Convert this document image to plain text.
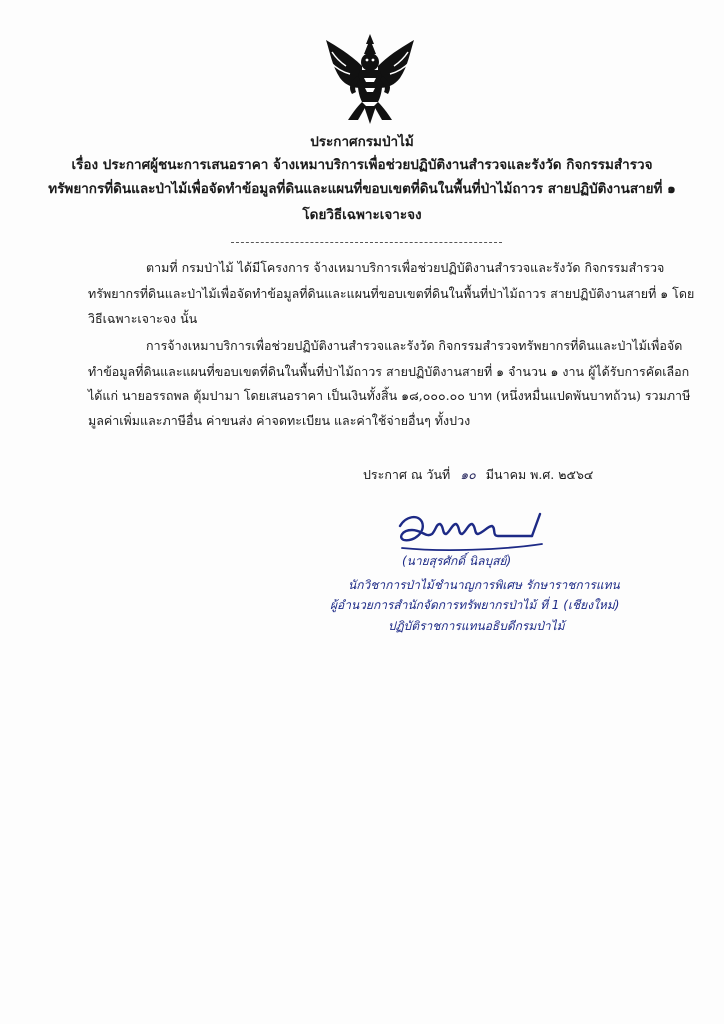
ประกาศกรมป่าไม้
เรื่อง ประกาศผู้ชนะการเสนอราคา จ้างเหมาบริการเพื่อช่วยปฏิบัติงานสำรวจและรังวัด กิจกรรมสำรวจ
ทรัพยากรที่ดินและป่าไม้เพื่อจัดทำข้อมูลที่ดินและแผนที่ขอบเขตที่ดินในพื้นที่ป่าไม้ถาวร สายปฏิบัติงานสายที่ ๑
โดยวิธีเฉพาะเจาะจง
ตามที่ กรมป่าไม้ ได้มีโครงการ จ้างเหมาบริการเพื่อช่วยปฏิบัติงานสำรวจและรังวัด กิจกรรมสำรวจ
ทรัพยากรที่ดินและป่าไม้เพื่อจัดทำข้อมูลที่ดินและแผนที่ขอบเขตที่ดินในพื้นที่ป่าไม้ถาวร สายปฏิบัติงานสายที่ ๑ โดย
วิธีเฉพาะเจาะจง นั้น
การจ้างเหมาบริการเพื่อช่วยปฏิบัติงานสำรวจและรังวัด กิจกรรมสำรวจทรัพยากรที่ดินและป่าไม้เพื่อจัด
ทำข้อมูลที่ดินและแผนที่ขอบเขตที่ดินในพื้นที่ป่าไม้ถาวร สายปฏิบัติงานสายที่ ๑ จำนวน ๑ งาน ผู้ได้รับการคัดเลือก
ได้แก่ นายอรรถพล ตุ้มปามา โดยเสนอราคา เป็นเงินทั้งสิ้น ๑๘,๐๐๐.๐๐ บาท (หนึ่งหมื่นแปดพันบาทถ้วน) รวมภาษี
มูลค่าเพิ่มและภาษีอื่น ค่าขนส่ง ค่าจดทะเบียน และค่าใช้จ่ายอื่นๆ ทั้งปวง
ประกาศ ณ วันที่ ๑๐ มีนาคม พ.ศ. ๒๕๖๔
(นายสุรศักดิ์ นิลบุสย์)
นักวิชาการป่าไม้ชำนาญการพิเศษ รักษาราชการแทน
ผู้อำนวยการสำนักจัดการทรัพยากรป่าไม้ ที่ 1 (เชียงใหม่)
ปฏิบัติราชการแทนอธิบดีกรมป่าไม้
